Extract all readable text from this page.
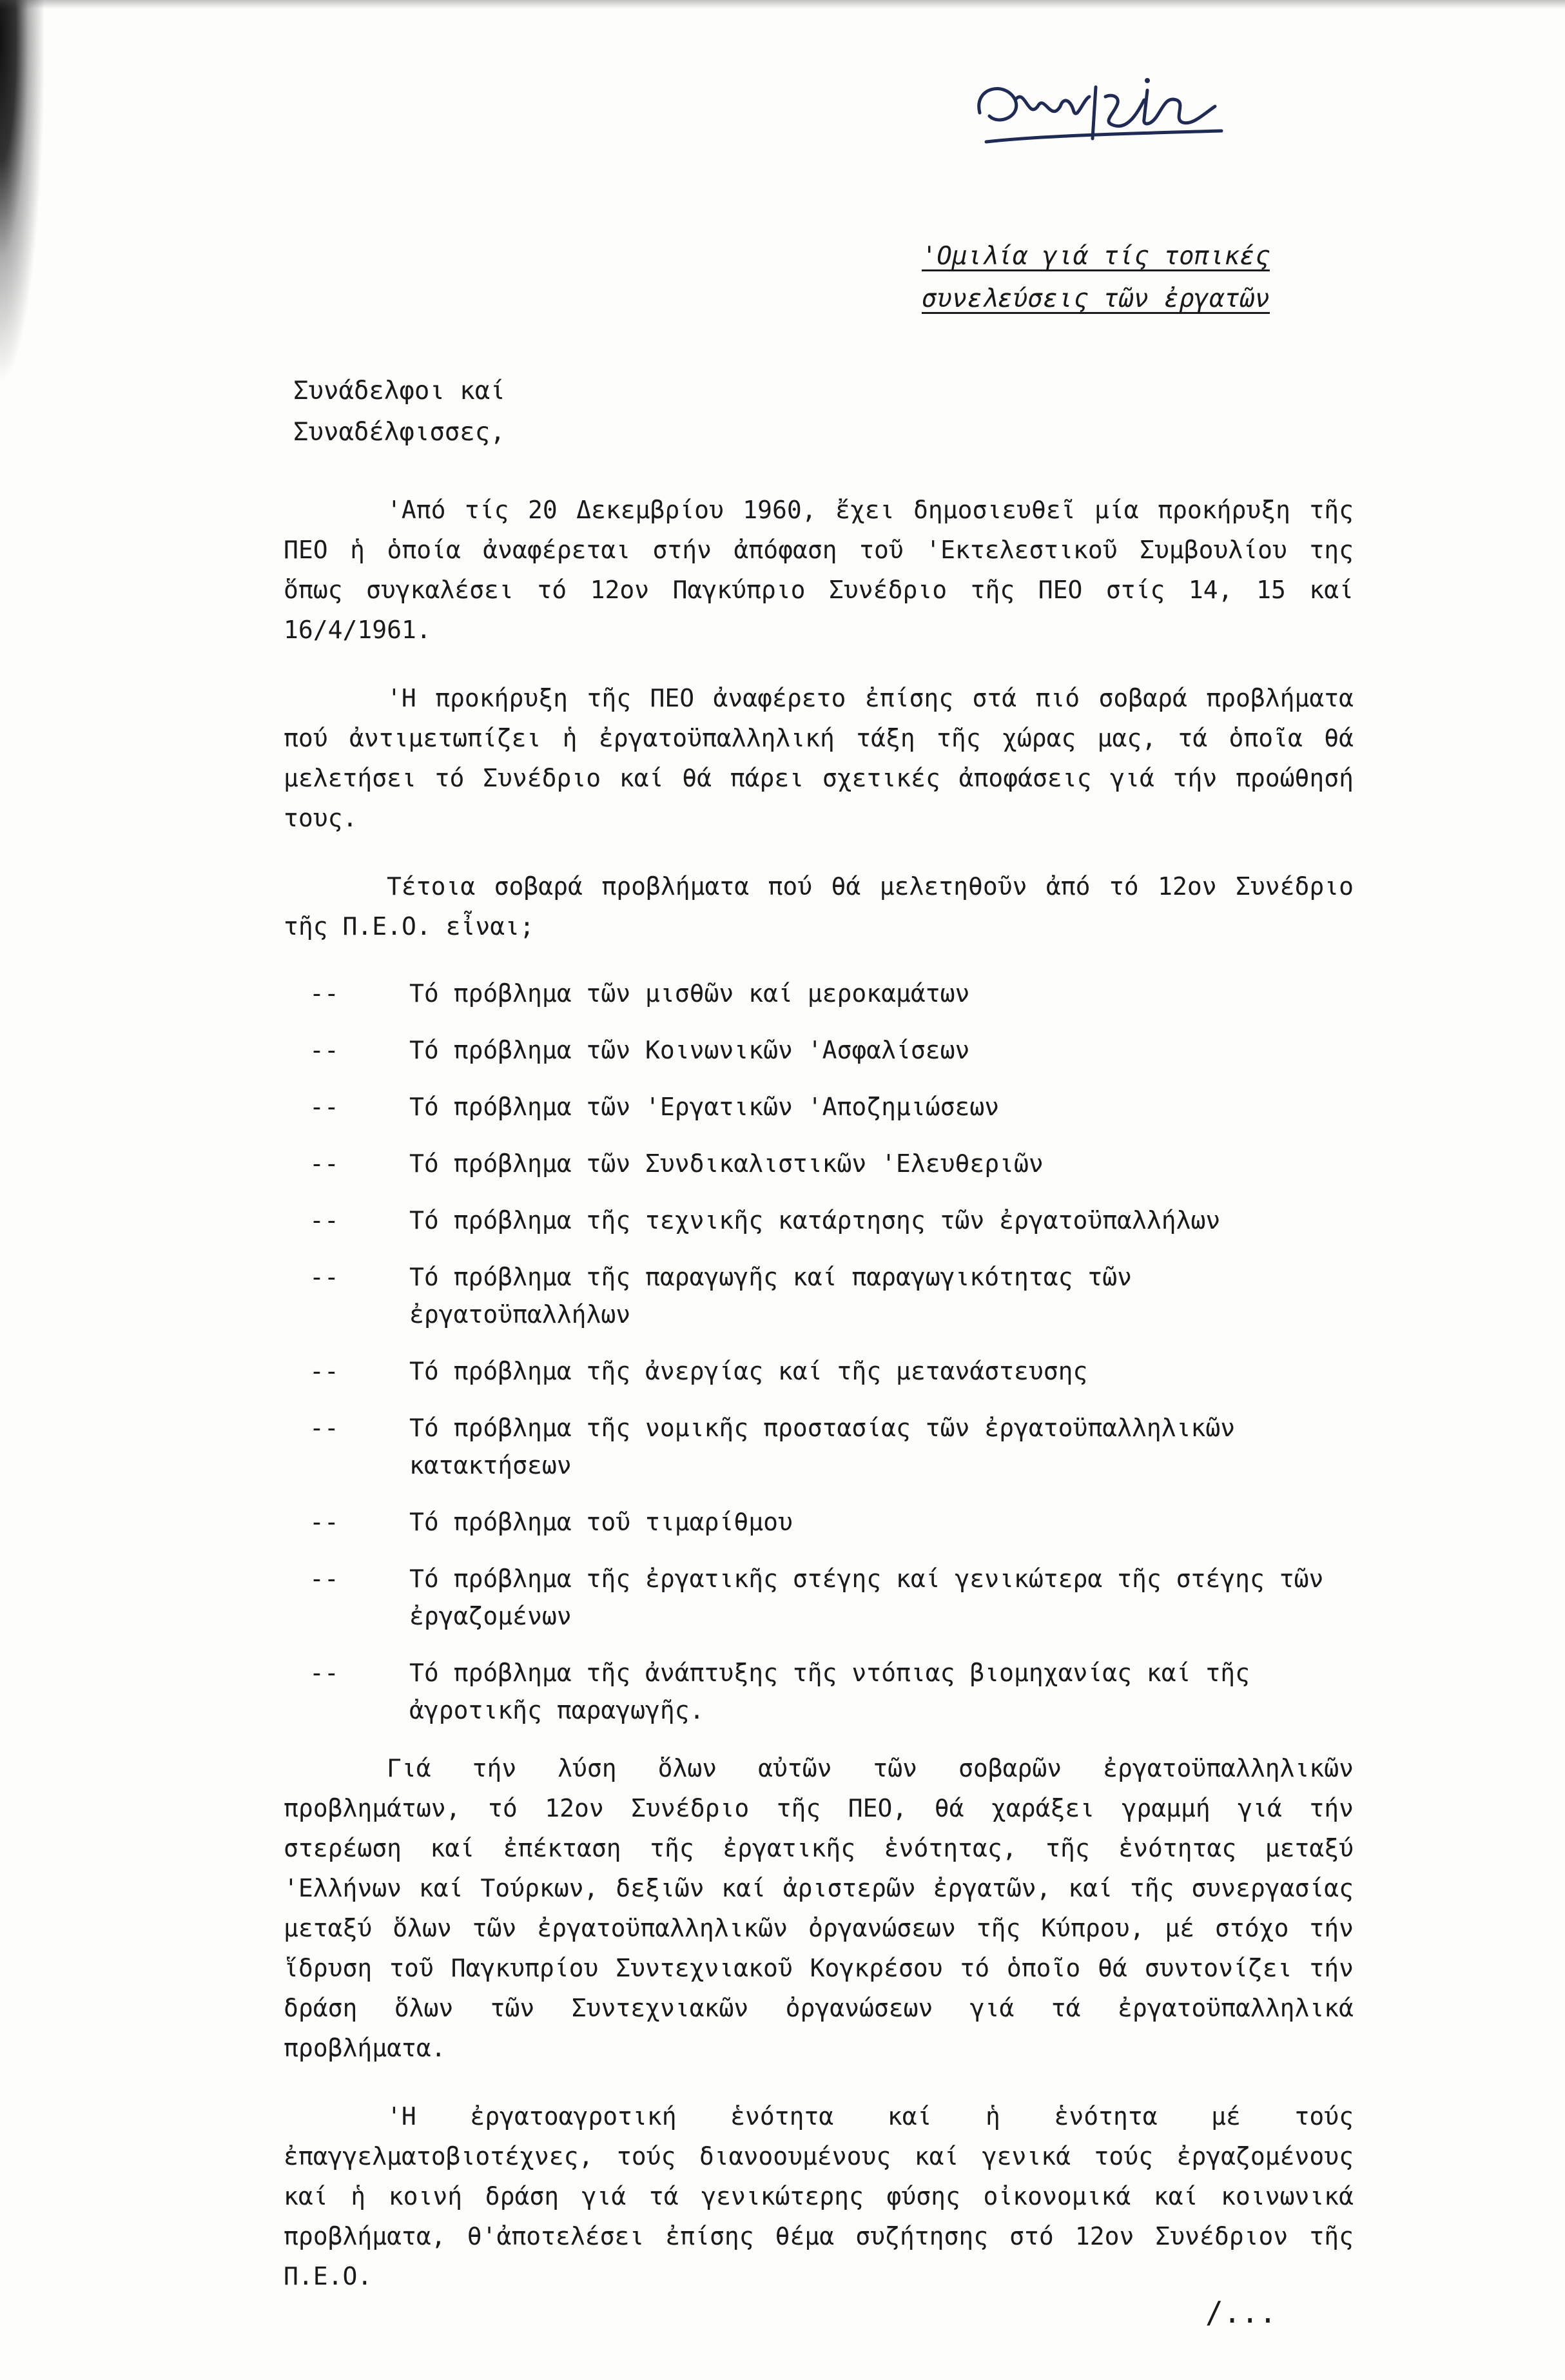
'Ομιλία γιά τίς τοπικές
συνελεύσεις τῶν ἐργατῶν
Συνάδελφοι καί
Συναδέλφισσες,

'Από τίς 20 Δεκεμβρίου 1960, ἔχει δημοσιευθεῖ μία προκήρυξη τῆς ΠΕΟ ἡ ὁποία ἀναφέρεται στήν ἀπόφαση τοῦ 'Εκτελεστικοῦ Συμβουλίου της ὅπως συγκαλέσει τό 12ον Παγκύπριο Συνέδριο τῆς ΠΕΟ στίς 14, 15 καί 16/4/1961.

'Η προκήρυξη τῆς ΠΕΟ ἀναφέρετο ἐπίσης στά πιό σοβαρά προβλήματα πού ἀντιμετωπίζει ἡ ἐργατοϋπαλληλική τάξη τῆς χώρας μας, τά ὁποῖα θά μελετήσει τό Συνέδριο καί θά πάρει σχετικές ἀποφάσεις γιά τήν προώθησή τους.

Τέτοια σοβαρά προβλήματα πού θά μελετηθοῦν ἀπό τό 12ον Συνέδριο τῆς Π.Ε.Ο. εἶναι;

--	Τό πρόβλημα τῶν μισθῶν καί μεροκαμάτων
--	Τό πρόβλημα τῶν Κοινωνικῶν 'Ασφαλίσεων
--	Τό πρόβλημα τῶν 'Εργατικῶν 'Αποζημιώσεων
--	Τό πρόβλημα τῶν Συνδικαλιστικῶν 'Ελευθεριῶν
--	Τό πρόβλημα τῆς τεχνικῆς κατάρτησης τῶν ἐργατοϋπαλλήλων
--	Τό πρόβλημα τῆς παραγωγῆς καί παραγωγικότητας τῶν ἐργατοϋπαλλήλων
--	Τό πρόβλημα τῆς ἀνεργίας καί τῆς μετανάστευσης
--	Τό πρόβλημα τῆς νομικῆς προστασίας τῶν ἐργατοϋπαλληλικῶν κατακτήσεων
--	Τό πρόβλημα τοῦ τιμαρίθμου
--	Τό πρόβλημα τῆς ἐργατικῆς στέγης καί γενικώτερα τῆς στέγης τῶν ἐργαζομένων
--	Τό πρόβλημα τῆς ἀνάπτυξης τῆς ντόπιας βιομηχανίας καί τῆς ἀγροτικῆς παραγωγῆς.

Γιά τήν λύση ὅλων αὐτῶν τῶν σοβαρῶν ἐργατοϋπαλληλικῶν προβλημάτων, τό 12ον Συνέδριο τῆς ΠΕΟ, θά χαράξει γραμμή γιά τήν στερέωση καί ἐπέκταση τῆς ἐργατικῆς ἑνότητας, τῆς ἑνότητας μεταξύ 'Ελλήνων καί Τούρκων, δεξιῶν καί ἀριστερῶν ἐργατῶν, καί τῆς συνεργασίας μεταξύ ὅλων τῶν ἐργατοϋπαλληλικῶν ὀργανώσεων τῆς Κύπρου, μέ στόχο τήν ἵδρυση τοῦ Παγκυπρίου Συντεχνιακοῦ Κογκρέσου τό ὁποῖο θά συντονίζει τήν δράση ὅλων τῶν Συντεχνιακῶν ὀργανώσεων γιά τά ἐργατοϋπαλληλικά προβλήματα.

'Η ἐργατοαγροτική ἑνότητα καί ἡ ἑνότητα μέ τούς ἐπαγγελματοβιοτέχνες, τούς διανοουμένους καί γενικά τούς ἐργαζομένους καί ἡ κοινή δράση γιά τά γενικώτερης φύσης οἰκονομικά καί κοινωνικά προβλήματα, θ'ἀποτελέσει ἐπίσης θέμα συζήτησης στό 12ον Συνέδριον τῆς Π.Ε.Ο.

/...
